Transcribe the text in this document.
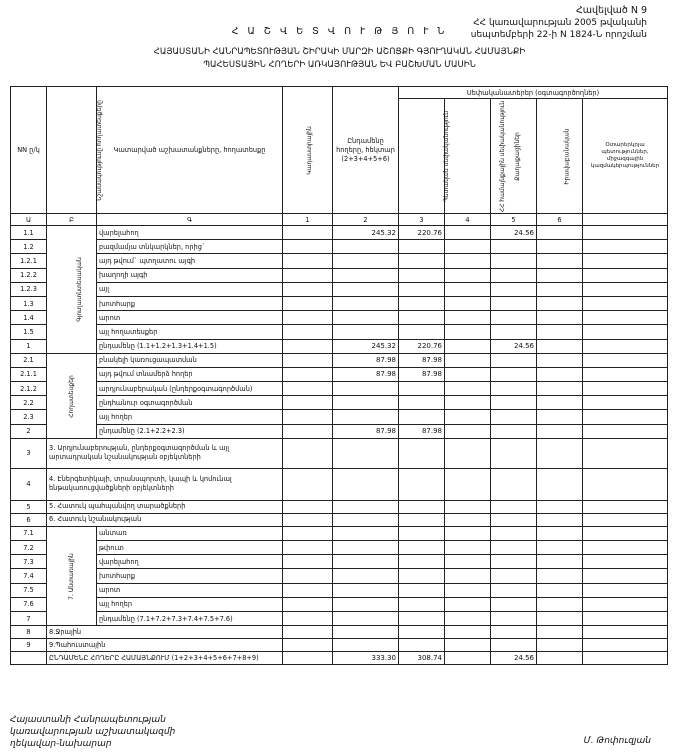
Հավելված N 9
ՀՀ կառավարության 2005 թվականի
սեպտեմբերի 22-ի N 1824-Ն որոշման
Հ Ա Շ Վ Ե Տ Վ Ո Ւ Թ Յ Ո Ւ Ն
ՀԱՅԱՍՏԱՆԻ ՀԱՆՐԱՊԵՏՈՒԹՅԱՆ ՇԻՐԱԿԻ ՄԱՐԶԻ ԱՇՈՑՔԻ ԳՅՈՒՂԱԿԱՆ ՀԱՄԱՅՆՔԻ
ՊԱՀԵՍՏԱՅԻՆ ՀՈՂԵՐԻ ԱՌԿԱՅՈՒԹՅԱՆ ԵՎ ԲԱՇԽՄԱՆ ՄԱՍԻՆ
NN ը/կ	Նշանակությունը հողատեսքերը	Կատարված աշխատանքները, հողատեսքը	Կադաստրային	Ընդամենը հողերը, հեկտար (2+3+4+5+6)	Սեփականատերեր (օգտագործողներ)				
					Պետական սեփականություն	ՀՀ համայնքային սեփականություն	Քաղաքացիներ	Իրավաբանական	Օտարերկրյա պետություններ, միջազգային կազմակերպություններ
Ա	Բ	Գ	1	2	3	4	5	6	
1.1	Գյուղատնտեսական	վարելահող		245.32	220.76		24.56		
1.2		բազմամյա տնկարկներ, որից`							
1.2.1		այդ թվում` պտղատու այգի							
1.2.2		խաղողի այգի							
1.2.3		այլ							
1.3		խոտհարք							
1.4		արոտ							
1.5		այլ հողատեսքեր							
1		ընդամենը (1.1+1.2+1.3+1.4+1.5)		245.32	220.76		24.56		
2.1	Հողատեսքեր	բնակելի կառուցապատման		87.98	87.98				
2.1.1		այդ թվում տնամերձ հողեր		87.98	87.98				
2.1.2		արդյունաբերական (ընդերքօգտագործման)							
2.2		ընդհանուր օգտագործման							
2.3		այլ հողեր							
2		ընդամենը (2.1+2.2+2.3)		87.98	87.98				
3	3. Արդյունաբերության, ընդերքօգտագործման և այլ արտադրական նշանակության օբյեկտների								
4	4. Էներգետիկայի, տրանսպորտի, կապի և կոմունալ ենթակառուցվածքների օբյեկտների								
5	5. Հատուկ պահպանվող տարածքների								
6	6. Հատուկ նշանակության								
7.1	7. Անտառային	անտառ							
7.2		թփուտ							
7.3		վարելահող							
7.4		խոտհարք							
7.5		արոտ							
7.6		այլ հողեր							
7		ընդամենը (7.1+7.2+7.3+7.4+7.5+7.6)							
8	8.Ջրային								
9	9.Պահուստային								
	ԸՆԴԱՄԵՆԸ ՀՈՂԵՐԸ ՀԱՄԱՅՆՔՈՒՄ (1+2+3+4+5+6+7+8+9)			333.30	308.74		24.56		
Հայաստանի Հանրապետության
կառավարության աշխատակազմի
ղեկավար-նախարար	Մ. Թոփուզյան
